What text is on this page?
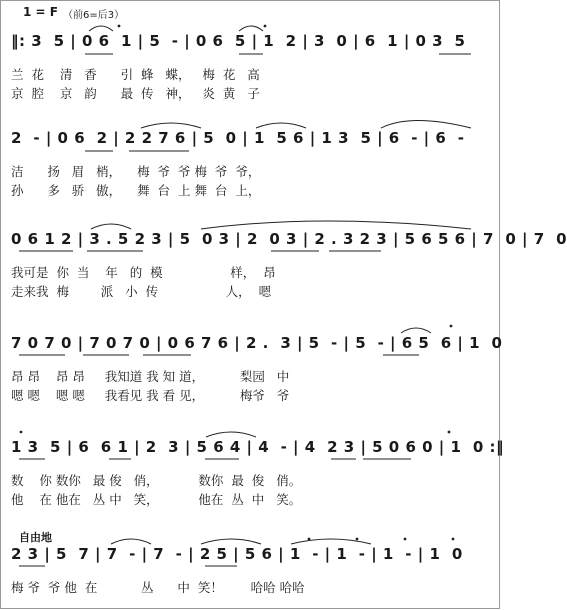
1 = F （前6=后3）
‖: 3  5 | 0 6  1 | 5  - | 0 6  5 | 1  2 | 3  0 | 6  1 | 0 3  5
兰  花    清   香      引  蜂   蝶，   梅  花   高
京  腔    京   韵      最  传   神，   炎  黄   子
2  - | 0 6  2 | 2 2 7 6 | 5  0 | 1  5 6 | 1 3  5 | 6  - | 6  -
洁      扬   眉   梢，    梅  爷  爷 梅  爷  爷，
孙      多   骄   傲，    舞  台  上 舞  台  上，
0 6 1 2 | 3 . 5 2 3 | 5  0 3 | 2  0 3 | 2 . 3 2 3 | 5 6 5 6 | 7  0 | 7  0
我可是  你  当    年   的  模                 样，  昂
走来我  梅        派   小  传                 人，  嗯
7 0 7 0 | 7 0 7 0 | 0 6 7 6 | 2 .  3 | 5  - | 5  - | 6 5  6 | 1  0
昂 昂    昂 昂     我知道 我 知 道，         梨园   中
嗯 嗯    嗯 嗯     我看见 我 看 见，         梅爷   爷
1 3  5 | 6  6 1 | 2  3 | 5 6 4 | 4  - | 4  2 3 | 5 0 6 0 | 1  0 :‖
数    你 数你   最 俊   俏，          数你  最  俊   俏。
他    在 他在   丛 中   笑，          他在  丛  中   笑。
自由地
2 3 | 5  7 | 7  - | 7  - | 2 5 | 5 6 | 1  - | 1  - | 1  - | 1  0
梅 爷  爷 他  在           丛      中  笑！       哈哈 哈哈
